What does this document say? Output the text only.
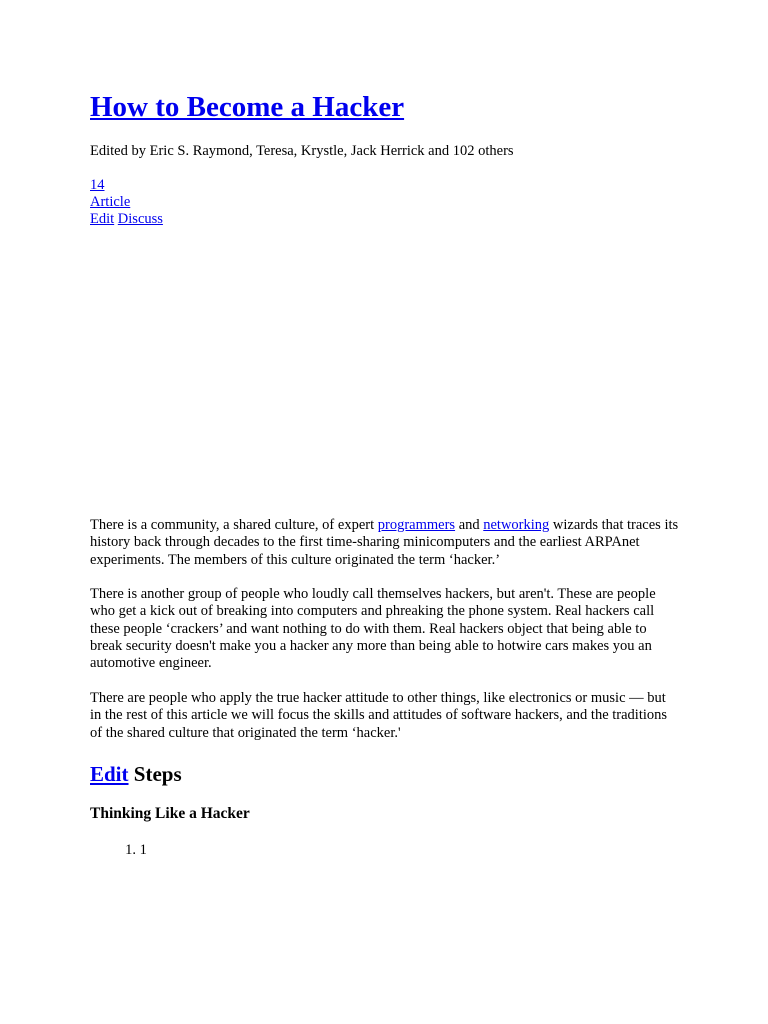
How to Become a Hacker

Edited by Eric S. Raymond, Teresa, Krystle, Jack Herrick and 102 others

14
Article
Edit Discuss

There is a community, a shared culture, of expert programmers and networking wizards that traces its history back through decades to the first time-sharing minicomputers and the earliest ARPAnet experiments. The members of this culture originated the term ‘hacker.’

There is another group of people who loudly call themselves hackers, but aren't. These are people who get a kick out of breaking into computers and phreaking the phone system. Real hackers call these people ‘crackers’ and want nothing to do with them. Real hackers object that being able to break security doesn't make you a hacker any more than being able to hotwire cars makes you an automotive engineer.

There are people who apply the true hacker attitude to other things, like electronics or music — but in the rest of this article we will focus the skills and attitudes of software hackers, and the traditions of the shared culture that originated the term ‘hacker.'

Edit Steps
Thinking Like a Hacker
1. 1
